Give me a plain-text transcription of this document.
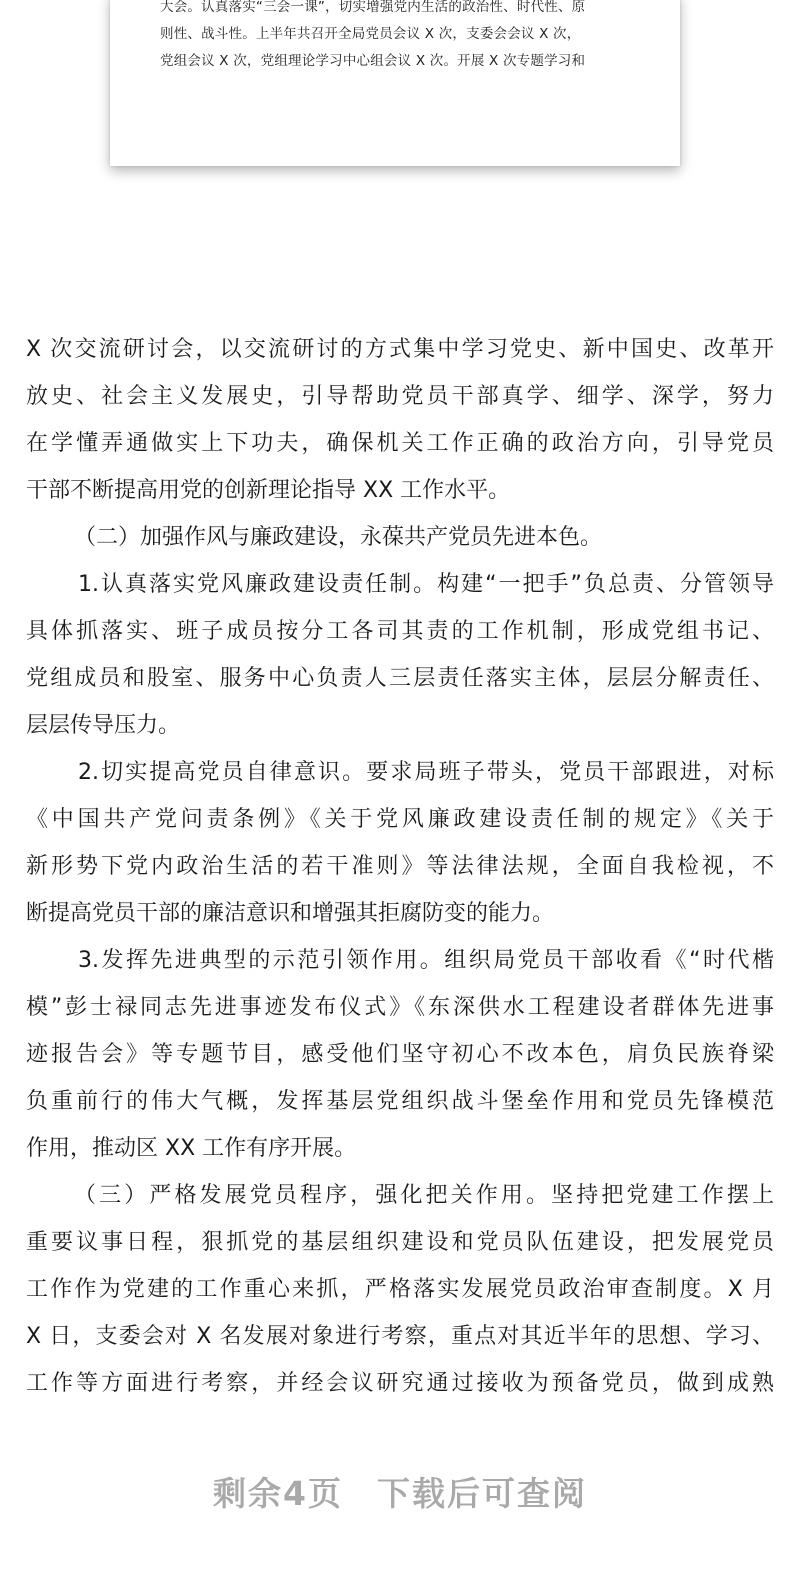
大会。认真落实“三会一课”，切实增强党内生活的政治性、时代性、原
则性、战斗性。上半年共召开全局党员会议 X 次，支委会会议 X 次，
党组会议 X 次，党组理论学习中心组会议 X 次。开展 X 次专题学习和
X 次交流研讨会，以交流研讨的方式集中学习党史、新中国史、改革开
放史、社会主义发展史，引导帮助党员干部真学、细学、深学，努力
在学懂弄通做实上下功夫，确保机关工作正确的政治方向，引导党员
干部不断提高用党的创新理论指导 XX 工作水平。
（二）加强作风与廉政建设，永葆共产党员先进本色。
1.认真落实党风廉政建设责任制。构建“一把手”负总责、分管领导
具体抓落实、班子成员按分工各司其责的工作机制，形成党组书记、
党组成员和股室、服务中心负责人三层责任落实主体，层层分解责任、
层层传导压力。
2.切实提高党员自律意识。要求局班子带头，党员干部跟进，对标
《中国共产党问责条例》《关于党风廉政建设责任制的规定》《关于
新形势下党内政治生活的若干准则》等法律法规，全面自我检视，不
断提高党员干部的廉洁意识和增强其拒腐防变的能力。
3.发挥先进典型的示范引领作用。组织局党员干部收看《“时代楷
模”彭士禄同志先进事迹发布仪式》《东深供水工程建设者群体先进事
迹报告会》等专题节目，感受他们坚守初心不改本色，肩负民族脊梁
负重前行的伟大气概，发挥基层党组织战斗堡垒作用和党员先锋模范
作用，推动区 XX 工作有序开展。
（三）严格发展党员程序，强化把关作用。坚持把党建工作摆上
重要议事日程，狠抓党的基层组织建设和党员队伍建设，把发展党员
工作作为党建的工作重心来抓，严格落实发展党员政治审查制度。X 月
X 日，支委会对 X 名发展对象进行考察，重点对其近半年的思想、学习、
工作等方面进行考察，并经会议研究通过接收为预备党员，做到成熟
剩余4页 下载后可查阅
